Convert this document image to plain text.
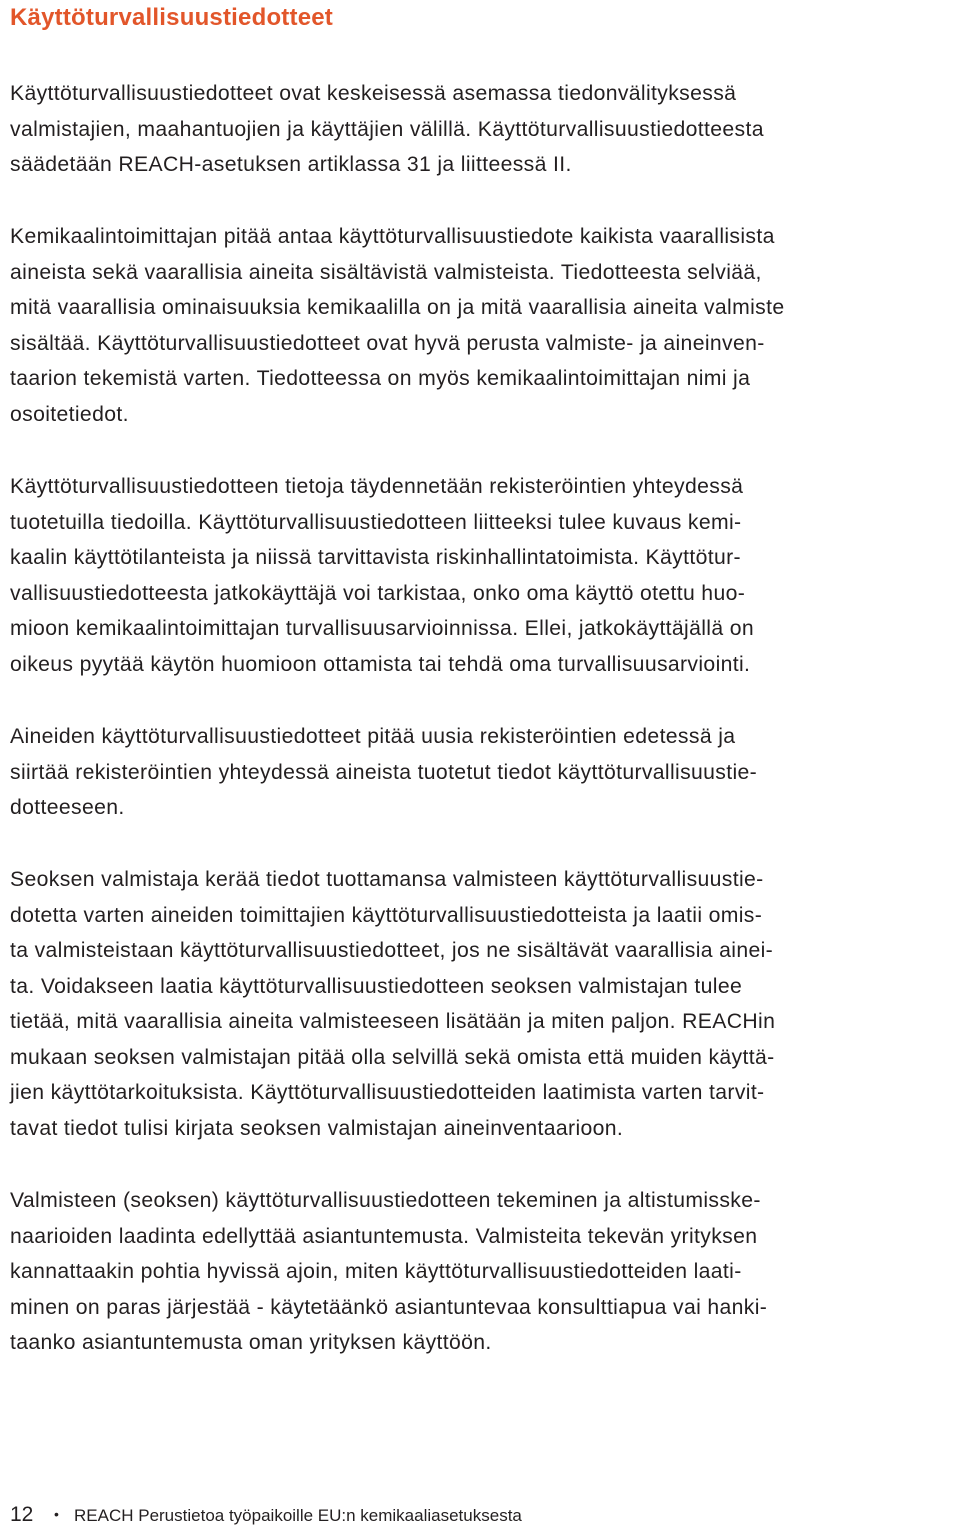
Käyttöturvallisuustiedotteet

Käyttöturvallisuustiedotteet ovat keskeisessä asemassa tiedonvälityksessä
valmistajien, maahantuojien ja käyttäjien välillä. Käyttöturvallisuustiedotteesta
säädetään REACH-asetuksen artiklassa 31 ja liitteessä II.

Kemikaalintoimittajan pitää antaa käyttöturvallisuustiedote kaikista vaarallisista
aineista sekä vaarallisia aineita sisältävistä valmisteista. Tiedotteesta selviää,
mitä vaarallisia ominaisuuksia kemikaalilla on ja mitä vaarallisia aineita valmiste
sisältää. Käyttöturvallisuustiedotteet ovat hyvä perusta valmiste- ja aineinven-
taarion tekemistä varten. Tiedotteessa on myös kemikaalintoimittajan nimi ja
osoitetiedot.

Käyttöturvallisuustiedotteen tietoja täydennetään rekisteröintien yhteydessä
tuotetuilla tiedoilla. Käyttöturvallisuustiedotteen liitteeksi tulee kuvaus kemi-
kaalin käyttötilanteista ja niissä tarvittavista riskinhallintatoimista. Käyttötur-
vallisuustiedotteesta jatkokäyttäjä voi tarkistaa, onko oma käyttö otettu huo-
mioon kemikaalintoimittajan turvallisuusarvioinnissa. Ellei, jatkokäyttäjällä on
oikeus pyytää käytön huomioon ottamista tai tehdä oma turvallisuusarviointi.

Aineiden käyttöturvallisuustiedotteet pitää uusia rekisteröintien edetessä ja
siirtää rekisteröintien yhteydessä aineista tuotetut tiedot käyttöturvallisuustie-
dotteeseen.

Seoksen valmistaja kerää tiedot tuottamansa valmisteen käyttöturvallisuustie-
dotetta varten aineiden toimittajien käyttöturvallisuustiedotteista ja laatii omis-
ta valmisteistaan käyttöturvallisuustiedotteet, jos ne sisältävät vaarallisia ainei-
ta. Voidakseen laatia käyttöturvallisuustiedotteen seoksen valmistajan tulee
tietää, mitä vaarallisia aineita valmisteeseen lisätään ja miten paljon. REACHin
mukaan seoksen valmistajan pitää olla selvillä sekä omista että muiden käyttä-
jien käyttötarkoituksista. Käyttöturvallisuustiedotteiden laatimista varten tarvit-
tavat tiedot tulisi kirjata seoksen valmistajan aineinventaarioon.

Valmisteen (seoksen) käyttöturvallisuustiedotteen tekeminen ja altistumisske-
naarioiden laadinta edellyttää asiantuntemusta. Valmisteita tekevän yrityksen
kannattaakin pohtia hyvissä ajoin, miten käyttöturvallisuustiedotteiden laati-
minen on paras järjestää - käytetäänkö asiantuntevaa konsulttiapua vai hanki-
taanko asiantuntemusta oman yrityksen käyttöön.

12 • REACH Perustietoa työpaikoille EU:n kemikaaliasetuksesta
